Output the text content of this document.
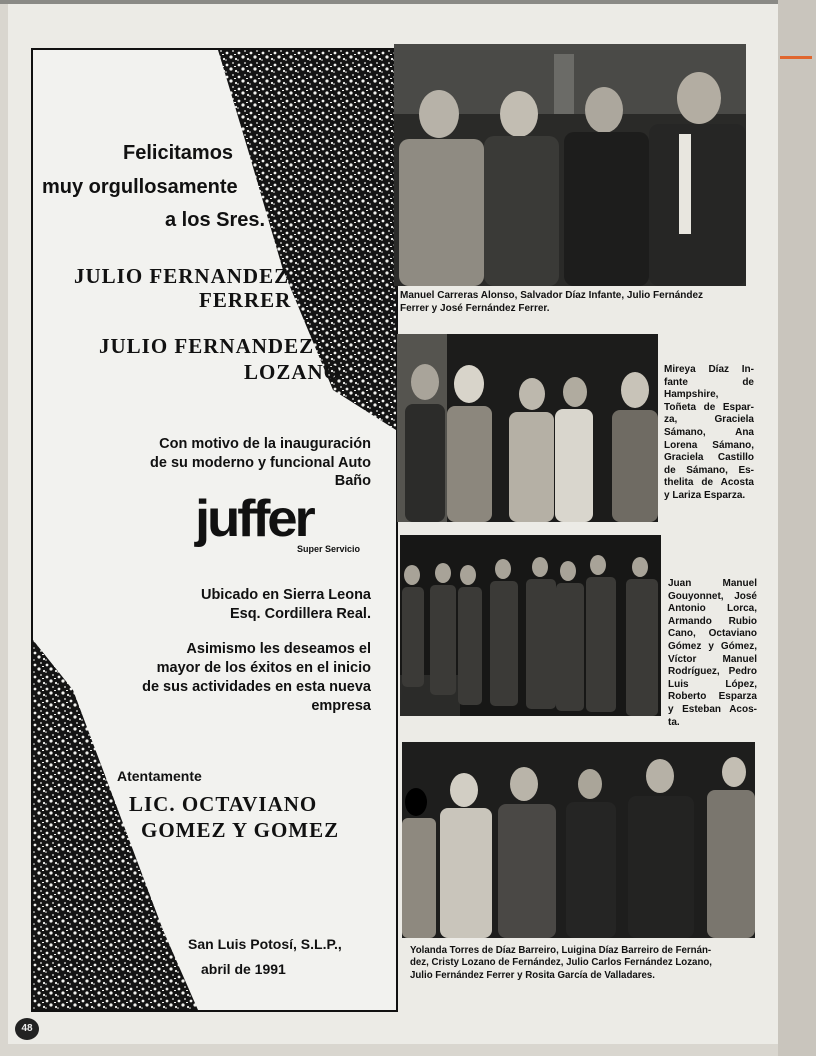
Felicitamos
muy orgullosamente
a los Sres.
JULIO FERNANDEZ
FERRER
JULIO FERNANDEZ
LOZANO
Con motivo de la inauguración
de su moderno y funcional Auto
Baño
juffer
Super Servicio
Ubicado en Sierra Leona
Esq. Cordillera Real.
Asimismo les deseamos el
mayor de los éxitos en el inicio
de sus actividades en esta nueva
empresa
Atentamente
LIC. OCTAVIANO
GOMEZ Y GOMEZ
San Luis Potosí, S.L.P.,
abril de 1991
Manuel Carreras Alonso, Salvador Díaz Infante, Julio Fernández
Ferrer y José Fernández Ferrer.
Mireya Díaz In-
fante de
Hampshire,
Toñeta de Espar-
za, Graciela
Sámano, Ana
Lorena Sámano,
Graciela Castillo
de Sámano, Es-
thelita de Acosta
y Lariza Esparza.
Juan Manuel
Gouyonnet, José
Antonio Lorca,
Armando Rubio
Cano, Octaviano
Gómez y Gómez,
Víctor Manuel
Rodríguez, Pedro
Luis López,
Roberto Esparza
y Esteban Acos-
ta.
Yolanda Torres de Díaz Barreiro, Luigina Díaz Barreiro de Fernán-
dez, Cristy Lozano de Fernández, Julio Carlos Fernández Lozano,
Julio Fernández Ferrer y Rosita García de Valladares.
48
